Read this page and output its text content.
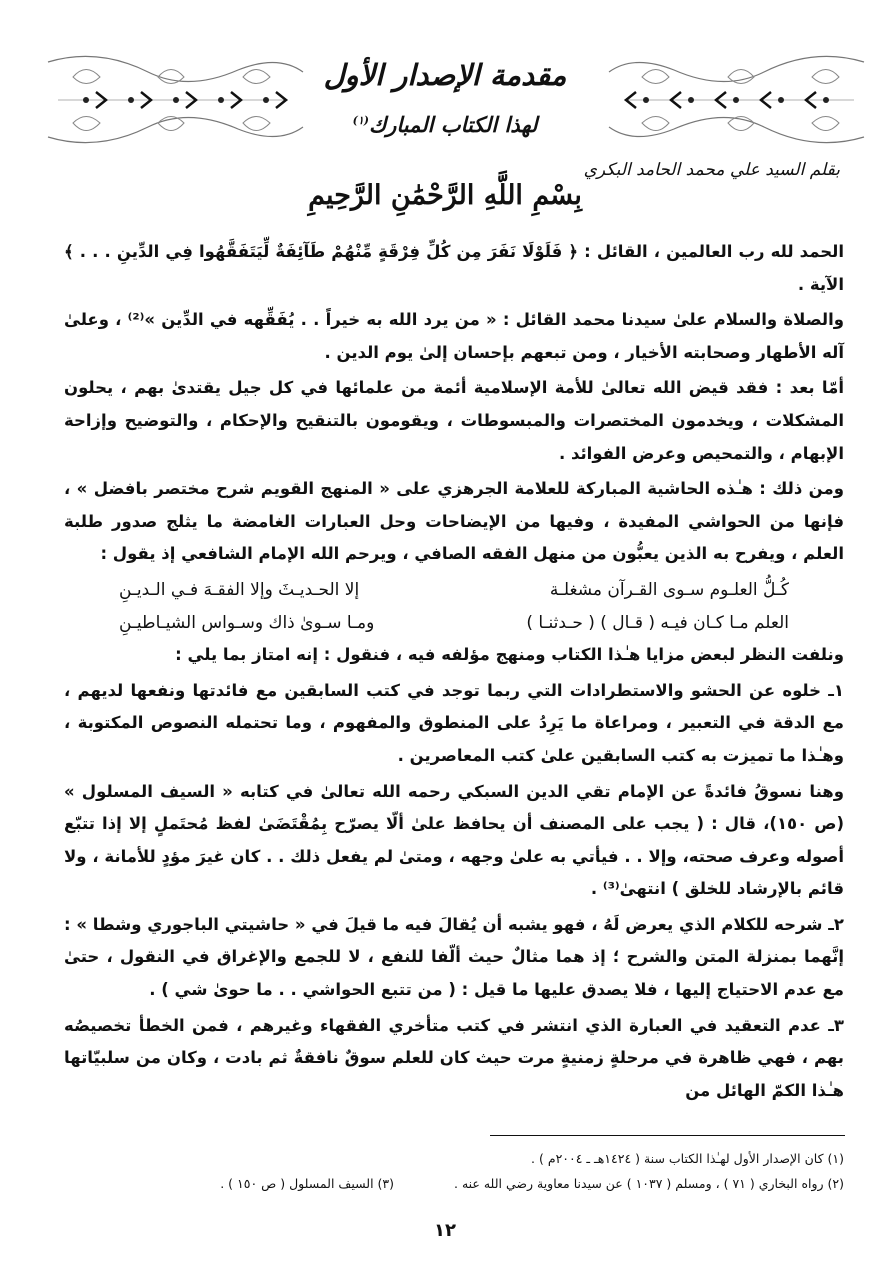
مقدمة الإصدار الأول
لهذا الكتاب المبارك$^{(١)}$
بقلم السيد علي محمد الحامد البكري
بِسْمِ اللَّهِ الرَّحْمَٰنِ الرَّحِيمِ

الحمد لله رب العالمين ، القائل : ﴿ فَلَوْلَا نَفَرَ مِن كُلِّ فِرْقَةٍ مِّنْهُمْ طَآئِفَةٌ لِّيَتَفَقَّهُوا فِي الدِّينِ . . . ﴾ الآية .

والصلاة والسلام علىٰ سيدنا محمد القائل : « من يرد الله به خيراً . . يُفَقِّهه في الدِّين »⁽²⁾ ، وعلىٰ آله الأطهار وصحابته الأخيار ، ومن تبعهم بإحسان إلىٰ يوم الدين .

أمّا بعد : فقد قيض الله تعالىٰ للأمة الإسلامية أئمة من علمائها في كل جيل يقتدىٰ بهم ، يحلون المشكلات ، ويخدمون المختصرات والمبسوطات ، ويقومون بالتنقيح والإحكام ، والتوضيح وإزاحة الإبهام ، والتمحيص وعرض الفوائد .

ومن ذلك : هـٰذه الحاشية المباركة للعلامة الجرهزي على « المنهج القويم شرح مختصر بافضل » ، فإنها من الحواشي المفيدة ، وفيها من الإيضاحات وحل العبارات الغامضة ما يثلج صدور طلبة العلم ، ويفرح به الذين يعبُّون من منهل الفقه الصافي ، ويرحم الله الإمام الشافعي إذ يقول :

كُـلُّ العلـوم سـوى القـرآن مشغلـة
إلا الحـديـثَ وإلا الفقـهَ فـي الـديـنِ
العلم مـا كـان فيـه ( قـال ) ( حـدثنـا )
ومـا سـوىٰ ذاك وسـواس الشيـاطيـنِ

ونلفت النظر لبعض مزايا هـٰذا الكتاب ومنهج مؤلفه فيه ، فنقول : إنه امتاز بما يلي :

١ـ خلوه عن الحشو والاستطرادات التي ربما توجد في كتب السابقين مع فائدتها ونفعها لديهم ، مع الدقة في التعبير ، ومراعاة ما يَرِدُ على المنطوق والمفهوم ، وما تحتمله النصوص المكتوبة ، وهـٰذا ما تميزت به كتب السابقين علىٰ كتب المعاصرين .

وهنا نسوقُ فائدةً عن الإمام تقي الدين السبكي رحمه الله تعالىٰ في كتابه « السيف المسلول » (ص ١٥٠)، قال : ( يجب على المصنف أن يحافظ علىٰ ألّا يصرّح بِمُقْتَضَىٰ لفظ مُحتَملٍ إلا إذا تتبّع أصوله وعرف صحته، وإلا . . فيأتي به علىٰ وجهه ، ومتىٰ لم يفعل ذلك . . كان غيرَ مؤدٍ للأمانة ، ولا قائم بالإرشاد للخلق ) انتهىٰ⁽³⁾ .

٢ـ شرحه للكلام الذي يعرض لَهُ ، فهو يشبه أن يُقالَ فيه ما قيلَ في « حاشيتي الباجوري وشطا » : إنَّهما بمنزلة المتن والشرح ؛ إذ هما مثالٌ حيث ألّفا للنفع ، لا للجمع والإغراق في النقول ، حتىٰ مع عدم الاحتياج إليها ، فلا يصدق عليها ما قيل : ( من تتبع الحواشي . . ما حوىٰ شي ) .

٣ـ عدم التعقيد في العبارة الذي انتشر في كتب متأخري الفقهاء وغيرهم ، فمن الخطأ تخصيصُه بهم ، فهي ظاهرة في مرحلةٍ زمنيةٍ مرت حيث كان للعلم سوقٌ نافقةٌ ثم بادت ، وكان من سلبيّاتها هـٰذا الكمّ الهائل من

(١) كان الإصدار الأول لهـٰذا الكتاب سنة ( ١٤٢٤هـ ـ ٢٠٠٤م ) .
(٢) رواه البخاري ( ٧١ ) ، ومسلم ( ١٠٣٧ ) عن سيدنا معاوية رضي الله عنه .
(٣) السيف المسلول ( ص ١٥٠ ) .
١٢
